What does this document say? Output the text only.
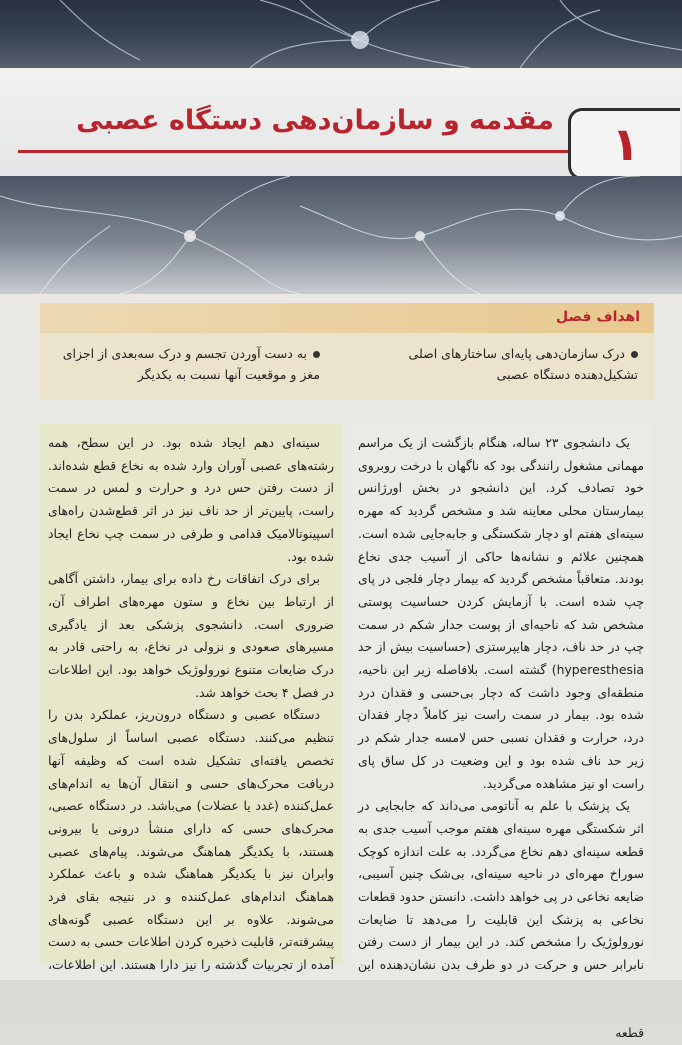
مقدمه و سازمان‌دهی دستگاه عصبی	۱
اهداف فصل
درک سازمان‌دهی پایه‌ای ساختارهای اصلی تشکیل‌دهنده دستگاه عصبی
به دست آوردن تجسم و درک سه‌بعدی از اجزای مغز و موقعیت آنها نسبت به یکدیگر

یک دانشجوی ۲۳ ساله، هنگام بازگشت از یک مراسم مهمانی مشغول رانندگی بود که ناگهان با درخت روبروی خود تصادف کرد. این دانشجو در بخش اورژانس بیمارستان محلی معاینه شد و مشخص گردید که مهره سینه‌ای هفتم او دچار شکستگی و جابه‌جایی شده است. همچنین علائم و نشانه‌ها حاکی از آسیب جدی نخاع بودند. متعاقباً مشخص گردید که بیمار دچار فلجی در پای چپ شده است. با آزمایش کردن حساسیت پوستی مشخص شد که ناحیه‌ای از پوست جدار شکم در سمت چپ در حد ناف، دچار هایپرستزی (حساسیت بیش از حد hyperesthesia) گشته است. بلافاصله زیر این ناحیه، منطقه‌ای وجود داشت که دچار بی‌حسی و فقدان درد شده بود. بیمار در سمت راست نیز کاملاً دچار فقدان درد، حرارت و فقدان نسبی حس لامسه جدار شکم در زیر حد ناف شده بود و این وضعیت در کل ساق پای راست او نیز مشاهده می‌گردید.

یک پزشک با علم به آناتومی می‌داند که جابجایی در اثر شکستگی مهره سینه‌ای هفتم موجب آسیب جدی به قطعه سینه‌ای دهم نخاع می‌گردد. به علت اندازه کوچک سوراخ مهره‌ای در ناحیه سینه‌ای، بی‌شک چنین آسیبی، ضایعه نخاعی در پی خواهد داشت. دانستن حدود قطعات نخاعی به پزشک این قابلیت را می‌دهد تا ضایعات نورولوژیک را مشخص کند. در این بیمار از دست رفتن نابرابر حس و حرکت در دو طرف بدن نشان‌دهنده این قطعه

سینه‌ای دهم ایجاد شده بود. در این سطح، همه رشته‌های عصبی آوران وارد شده به نخاع قطع شده‌اند. از دست رفتن حس درد و حرارت و لمس در سمت راست، پایین‌تر از حد ناف نیز در اثر قطع‌شدن راه‌های اسپینوتالامیک قدامی و طرفی در سمت چپ نخاع ایجاد شده بود.

برای درک اتفاقات رخ داده برای بیمار، داشتن آگاهی از ارتباط بین نخاع و ستون مهره‌های اطراف آن، ضروری است. دانشجوی پزشکی بعد از یادگیری مسیرهای صعودی و نزولی در نخاع، به راحتی قادر به درک ضایعات متنوع نورولوژیک خواهد بود. این اطلاعات در فصل ۴ بحث خواهد شد.

دستگاه عصبی و دستگاه درون‌ریز، عملکرد بدن را تنظیم می‌کنند. دستگاه عصبی اساساً از سلول‌های تخصص یافته‌ای تشکیل شده است که وظیفه آنها دریافت محرک‌های حسی و انتقال آن‌ها به اندام‌های عمل‌کننده (غدد یا عضلات) می‌باشد. در دستگاه عصبی، محرک‌های حسی که دارای منشأ درونی یا بیرونی هستند، با یکدیگر هماهنگ می‌شوند. پیام‌های عصبی وابران نیز با یکدیگر هماهنگ شده و باعث عملکرد هماهنگ اندام‌های عمل‌کننده و در نتیجه بقای فرد می‌شوند. علاوه بر این دستگاه عصبی گونه‌های پیشرفته‌تر، قابلیت ذخیره کردن اطلاعات حسی به دست آمده از تجربیات گذشته را نیز دارا هستند. این اطلاعات،
